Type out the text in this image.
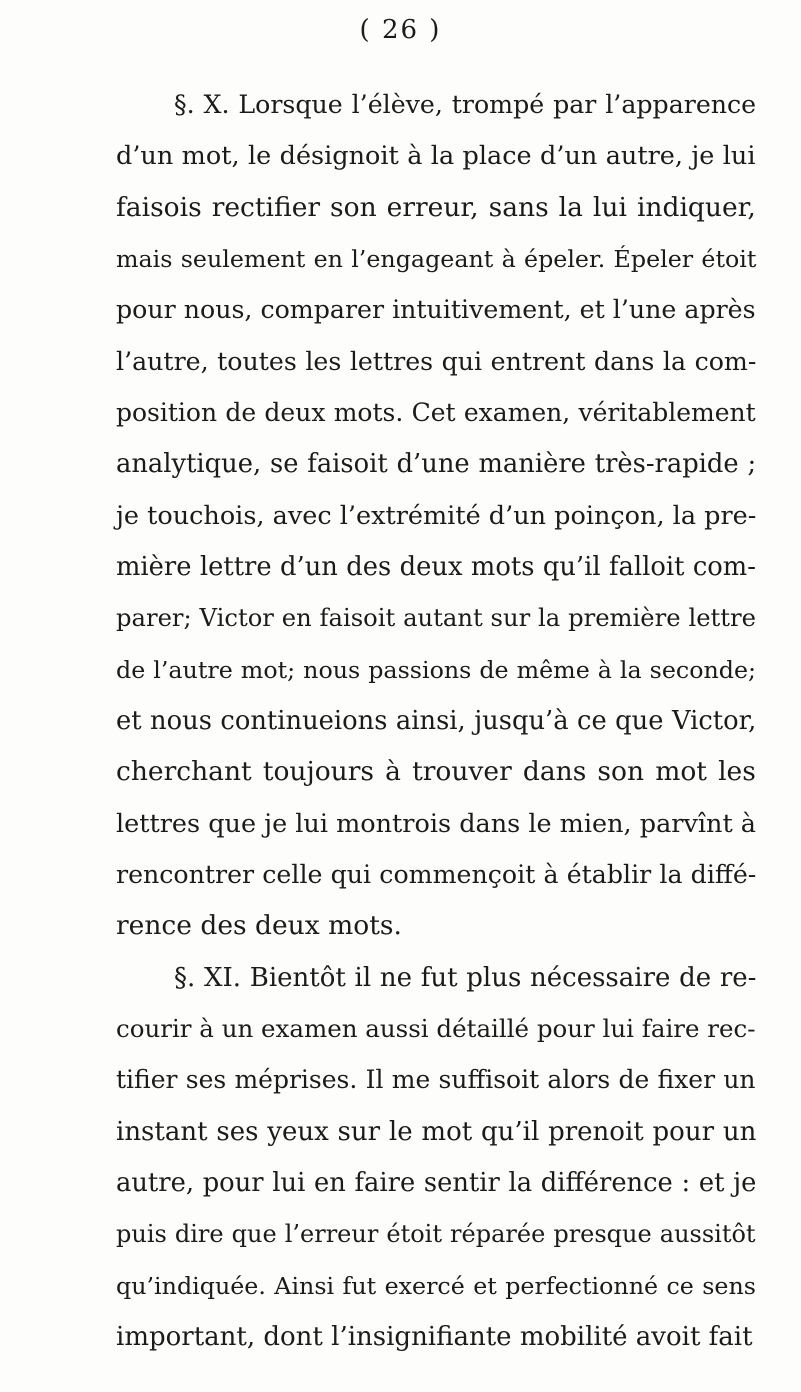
( 26 )
§. X. Lorsque l’élève, trompé par l’apparence
d’un mot, le désignoit à la place d’un autre, je lui
faisois rectifier son erreur, sans la lui indiquer,
mais seulement en l’engageant à épeler. Épeler étoit
pour nous, comparer intuitivement, et l’une après
l’autre, toutes les lettres qui entrent dans la com-
position de deux mots. Cet examen, véritablement
analytique, se faisoit d’une manière très-rapide ;
je touchois, avec l’extrémité d’un poinçon, la pre-
mière lettre d’un des deux mots qu’il falloit com-
parer; Victor en faisoit autant sur la première lettre
de l’autre mot; nous passions de même à la seconde;
et nous continueions ainsi, jusqu’à ce que Victor,
cherchant toujours à trouver dans son mot les
lettres que je lui montrois dans le mien, parvînt à
rencontrer celle qui commençoit à établir la diffé-
rence des deux mots.
§. XI. Bientôt il ne fut plus nécessaire de re-
courir à un examen aussi détaillé pour lui faire rec-
tifier ses méprises. Il me suffisoit alors de fixer un
instant ses yeux sur le mot qu’il prenoit pour un
autre, pour lui en faire sentir la différence : et je
puis dire que l’erreur étoit réparée presque aussitôt
qu’indiquée. Ainsi fut exercé et perfectionné ce sens
important, dont l’insignifiante mobilité avoit fait
